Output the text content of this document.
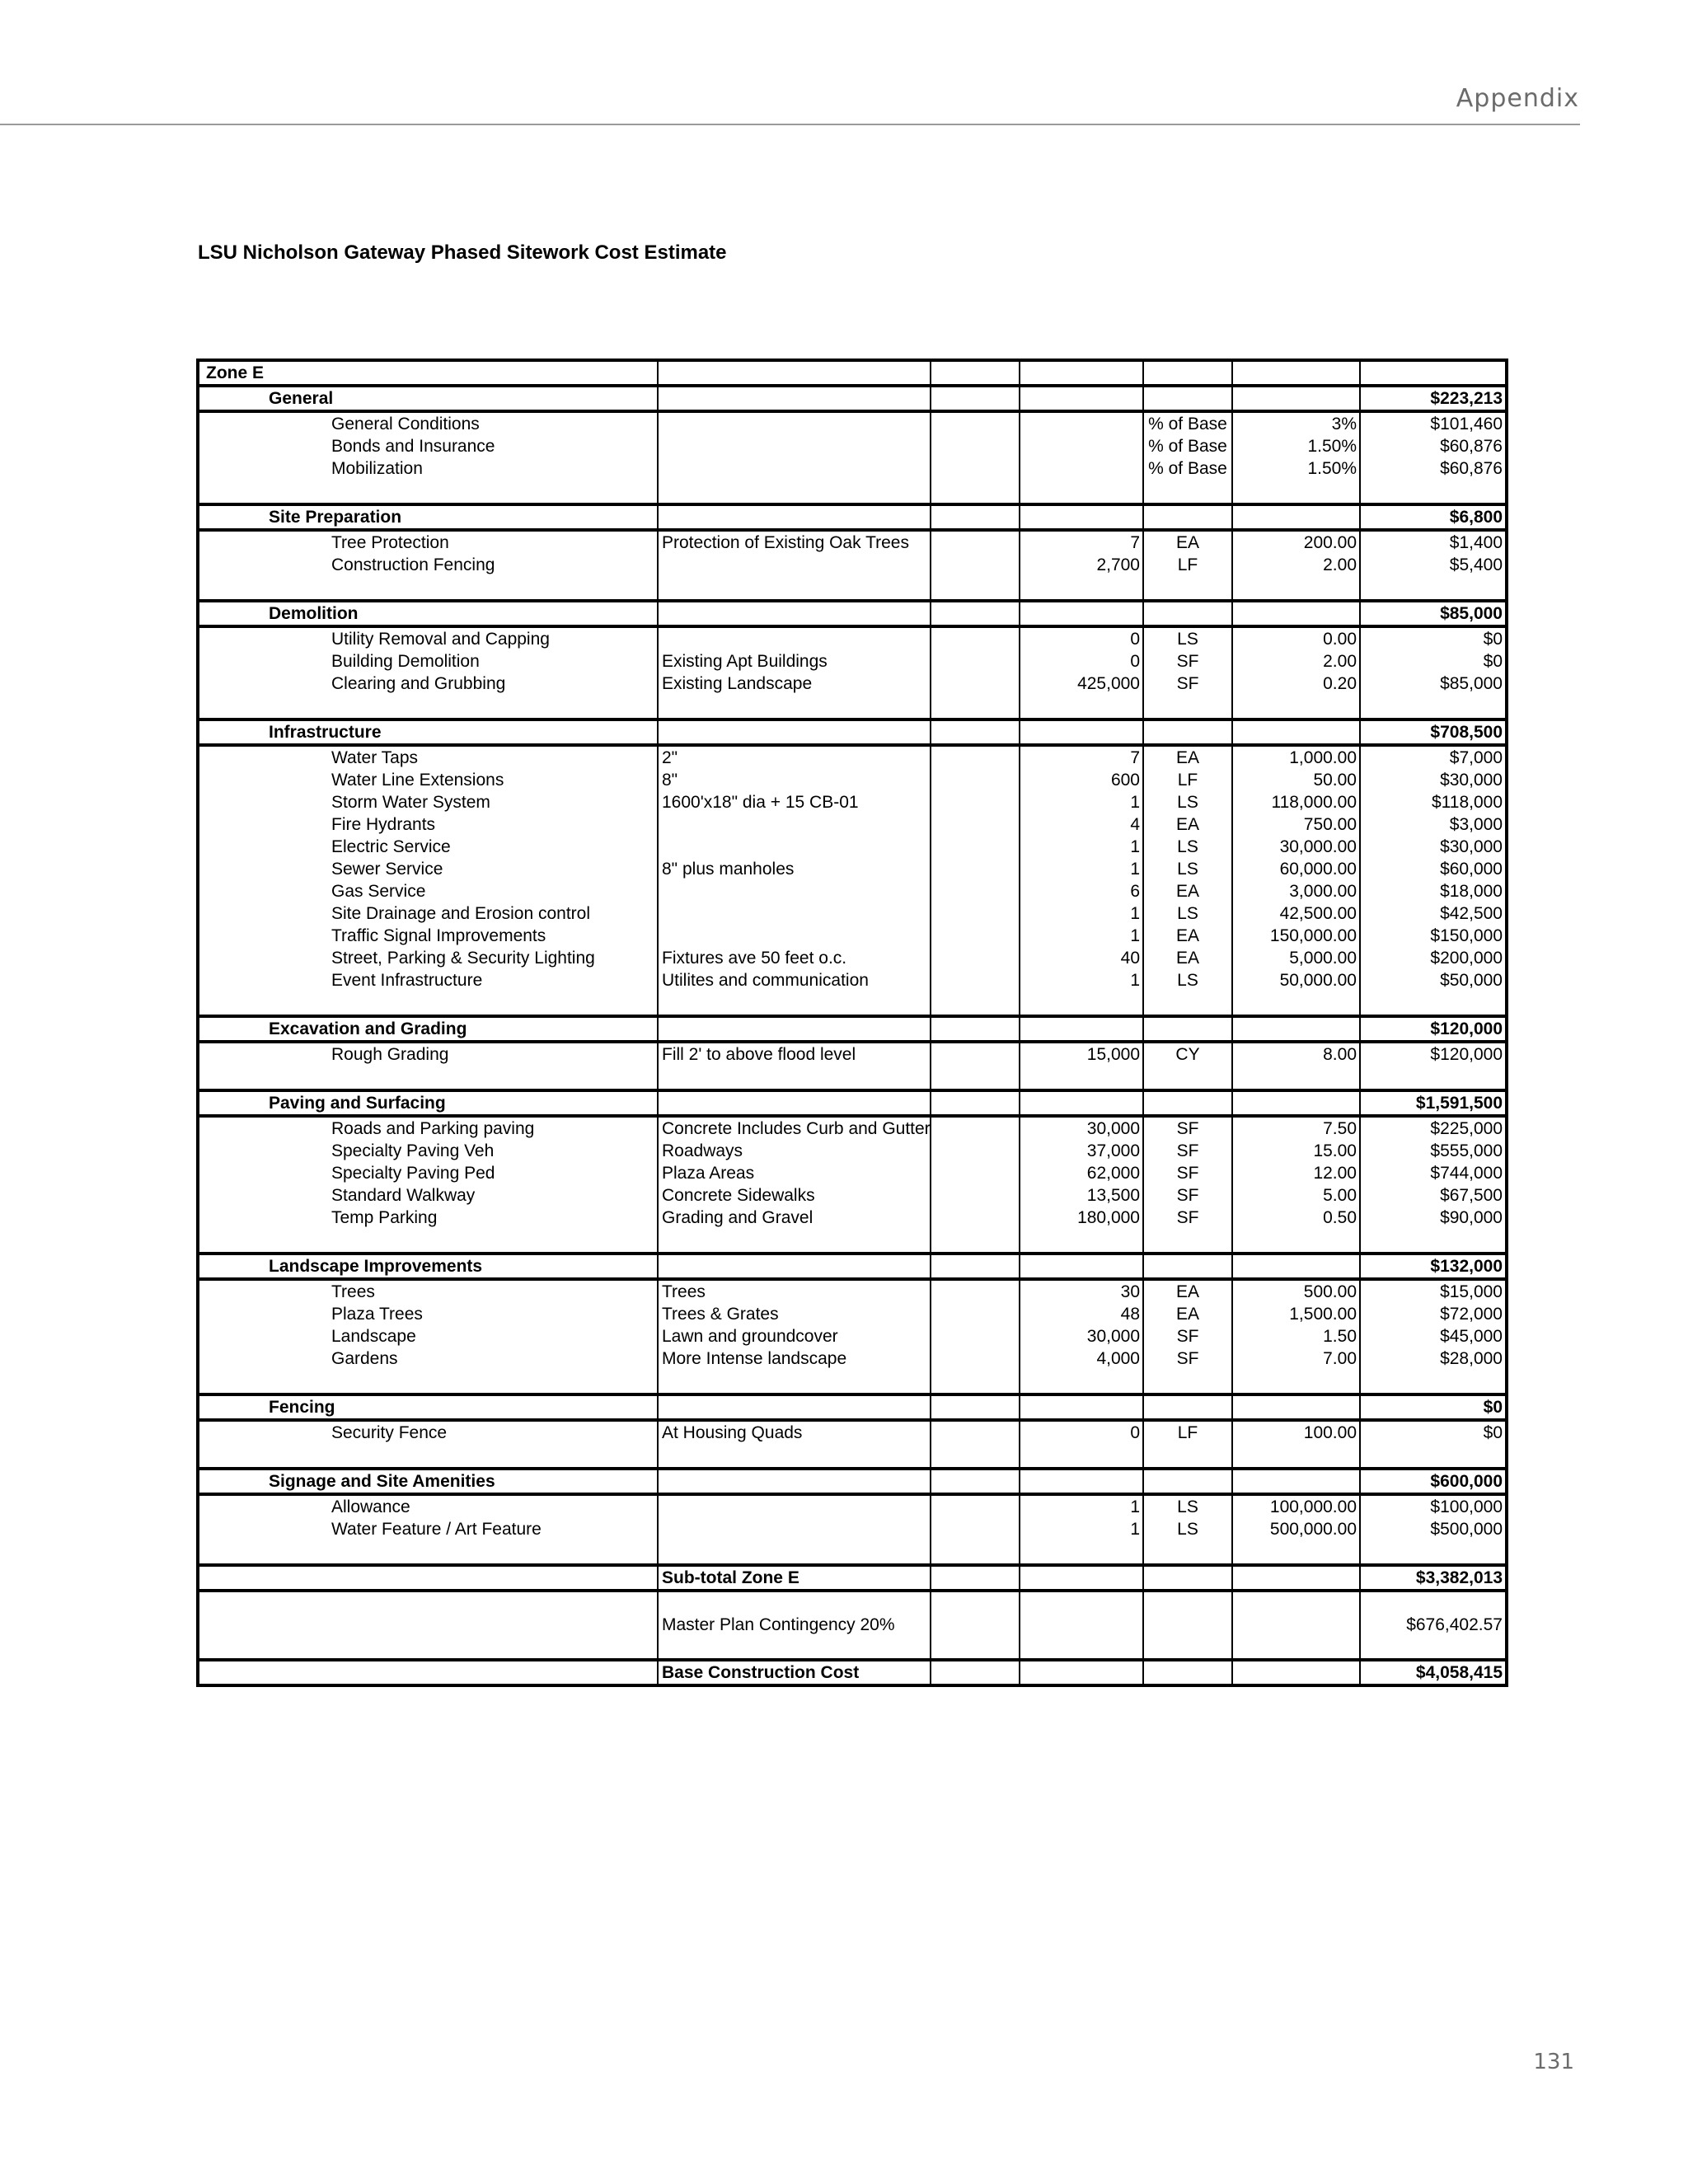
Appendix
LSU Nicholson Gateway Phased Sitework Cost Estimate
Zone E						
General						$223,213
General Conditions				% of Base	3%	$101,460
Bonds and Insurance				% of Base	1.50%	$60,876
Mobilization				% of Base	1.50%	$60,876

Site Preparation						$6,800
Tree Protection	Protection of Existing Oak Trees		7	EA	200.00	$1,400
Construction Fencing			2,700	LF	2.00	$5,400

Demolition						$85,000
Utility Removal and Capping			0	LS	0.00	$0
Building Demolition	Existing Apt Buildings		0	SF	2.00	$0
Clearing and Grubbing	Existing Landscape		425,000	SF	0.20	$85,000

Infrastructure						$708,500
Water Taps	2"		7	EA	1,000.00	$7,000
Water Line Extensions	8"		600	LF	50.00	$30,000
Storm Water System	1600'x18" dia + 15 CB-01		1	LS	118,000.00	$118,000
Fire Hydrants			4	EA	750.00	$3,000
Electric Service			1	LS	30,000.00	$30,000
Sewer Service	8" plus manholes		1	LS	60,000.00	$60,000
Gas Service			6	EA	3,000.00	$18,000
Site Drainage and Erosion control			1	LS	42,500.00	$42,500
Traffic Signal Improvements			1	EA	150,000.00	$150,000
Street, Parking & Security Lighting	Fixtures ave 50 feet o.c.		40	EA	5,000.00	$200,000
Event Infrastructure	Utilites and communication		1	LS	50,000.00	$50,000

Excavation and Grading						$120,000
Rough Grading	Fill 2' to above flood level		15,000	CY	8.00	$120,000

Paving and Surfacing						$1,591,500
Roads and Parking paving	Concrete Includes Curb and Gutter		30,000	SF	7.50	$225,000
Specialty Paving Veh	Roadways		37,000	SF	15.00	$555,000
Specialty Paving Ped	Plaza Areas		62,000	SF	12.00	$744,000
Standard Walkway	Concrete Sidewalks		13,500	SF	5.00	$67,500
Temp Parking	Grading and Gravel		180,000	SF	0.50	$90,000

Landscape Improvements						$132,000
Trees	Trees		30	EA	500.00	$15,000
Plaza Trees	Trees & Grates		48	EA	1,500.00	$72,000
Landscape	Lawn and groundcover		30,000	SF	1.50	$45,000
Gardens	More Intense landscape		4,000	SF	7.00	$28,000

Fencing						$0
Security Fence	At Housing Quads		0	LF	100.00	$0

Signage and Site Amenities						$600,000
Allowance			1	LS	100,000.00	$100,000
Water Feature / Art Feature			1	LS	500,000.00	$500,000

	Sub-total Zone E					$3,382,013
	Master Plan Contingency 20%					$676,402.57
	Base Construction Cost					$4,058,415
131
